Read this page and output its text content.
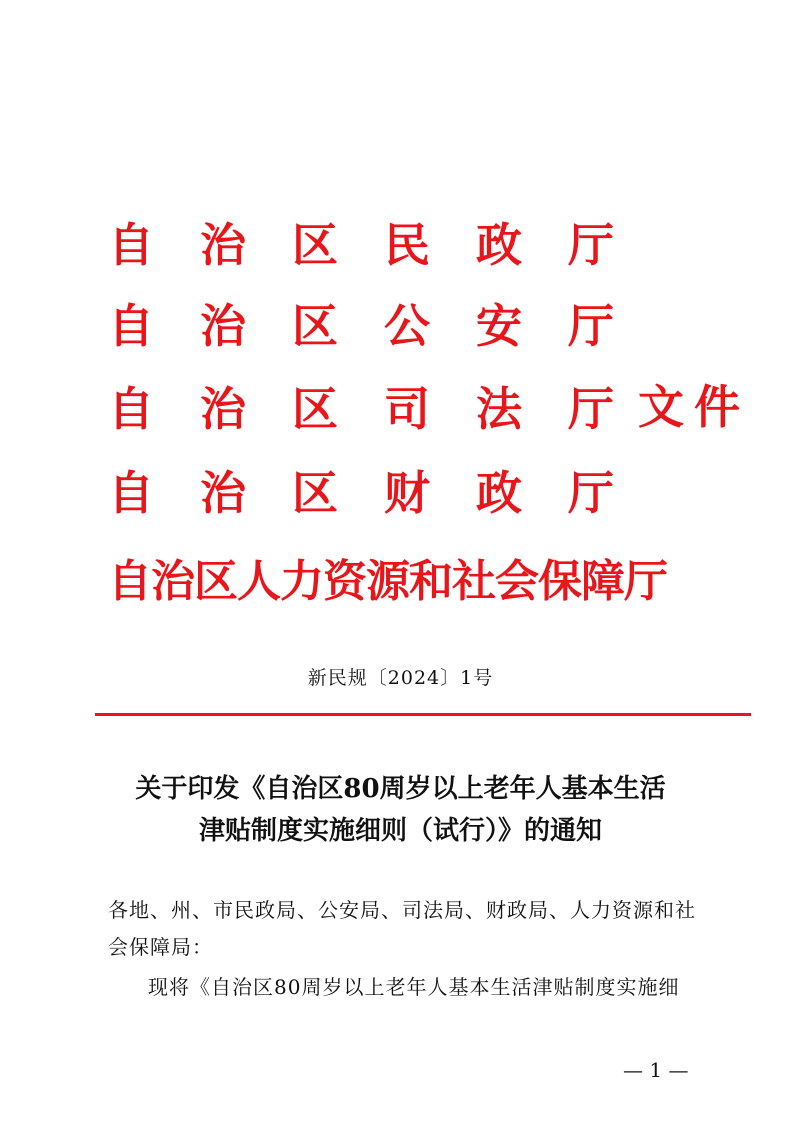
自 治 区 民 政 厅
自 治 区 公 安 厅
自 治 区 司 法 厅 文件
自 治 区 财 政 厅
自治区人力资源和社会保障厅
新民规〔2024〕1号
关于印发《自治区80周岁以上老年人基本生活
津贴制度实施细则（试行）》的通知
各地、州、市民政局、公安局、司法局、财政局、人力资源和社
会保障局：
现将《自治区80周岁以上老年人基本生活津贴制度实施细
— 1 —
